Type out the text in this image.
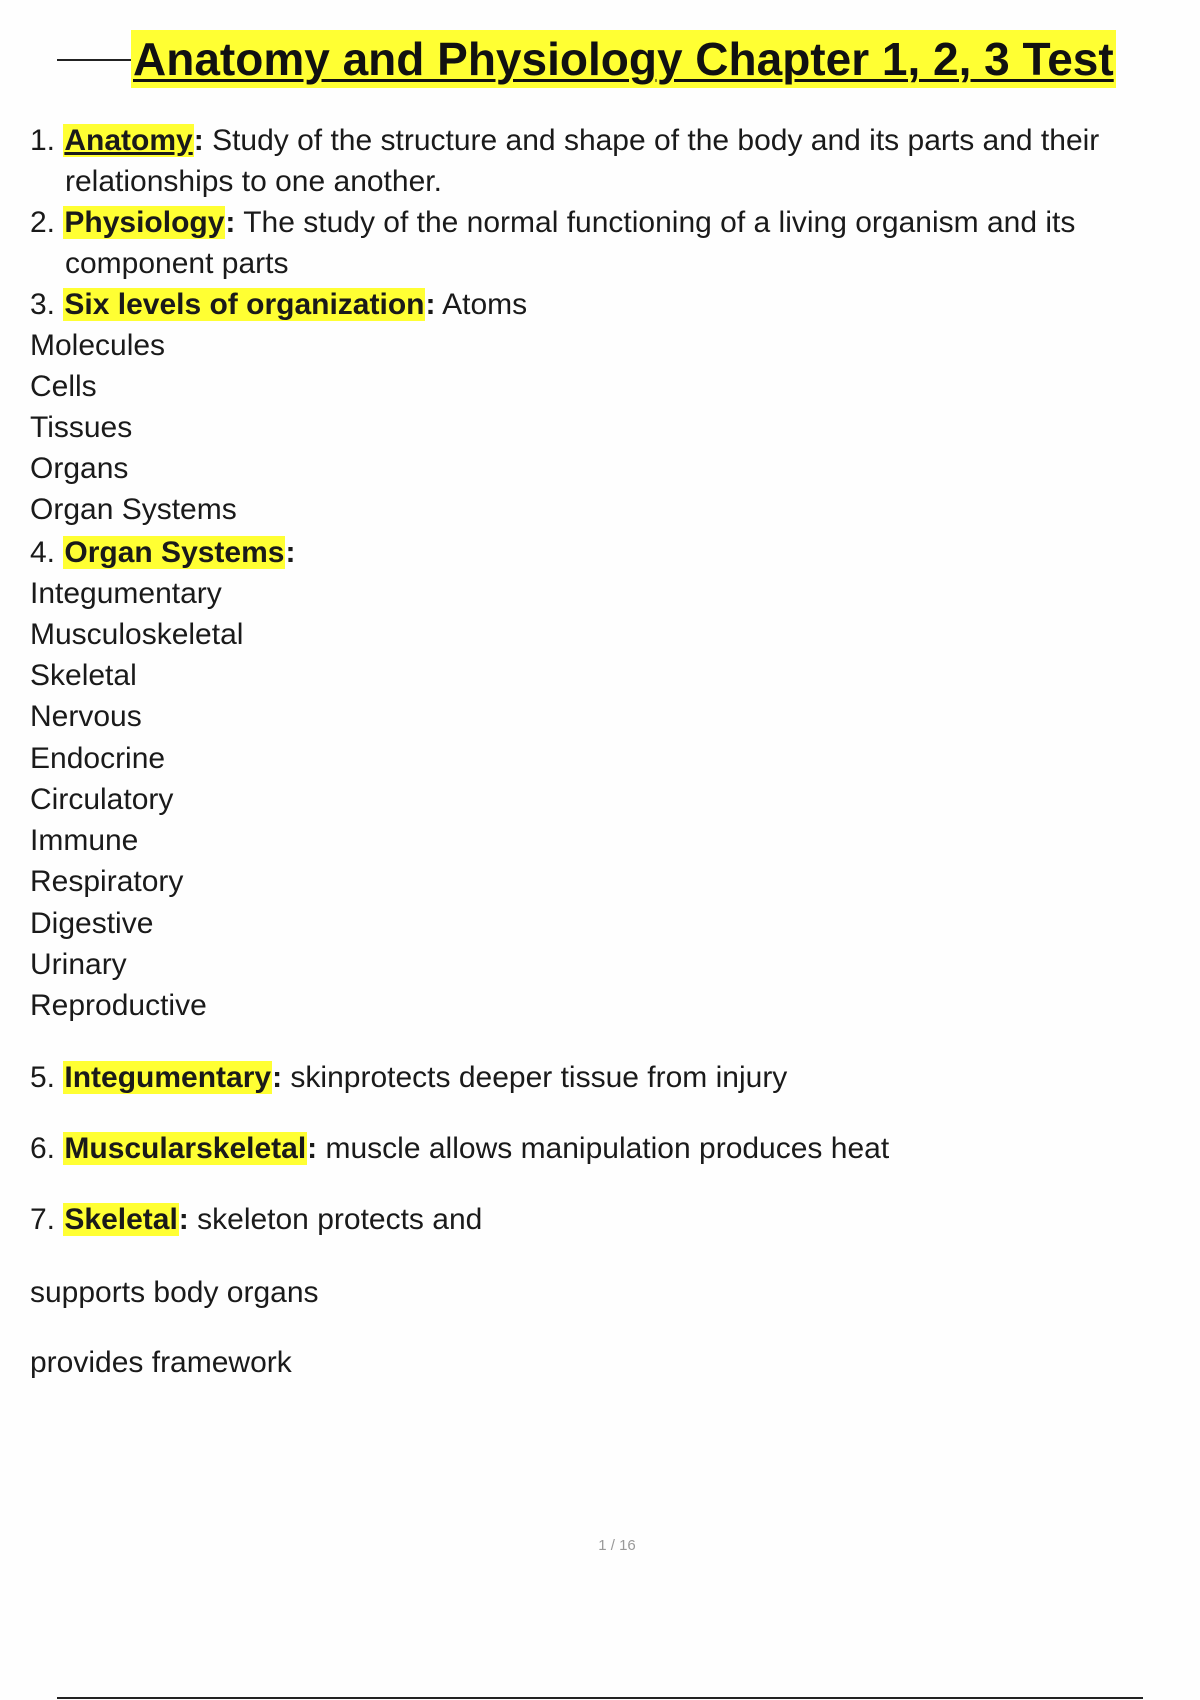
Anatomy and Physiology Chapter 1, 2, 3 Test
1. Anatomy: Study of the structure and shape of the body and its parts and their
relationships to one another.
2. Physiology: The study of the normal functioning of a living organism and its
component parts
3. Six levels of organization: Atoms
Molecules
Cells
Tissues
Organs
Organ Systems
4. Organ Systems:
Integumentary
Musculoskeletal
Skeletal
Nervous
Endocrine
Circulatory
Immune
Respiratory
Digestive
Urinary
Reproductive
5. Integumentary: skinprotects deeper tissue from injury
6. Muscularskeletal: muscle allows manipulation produces heat
7. Skeletal: skeleton protects and
supports body organs
provides framework
1 / 16
